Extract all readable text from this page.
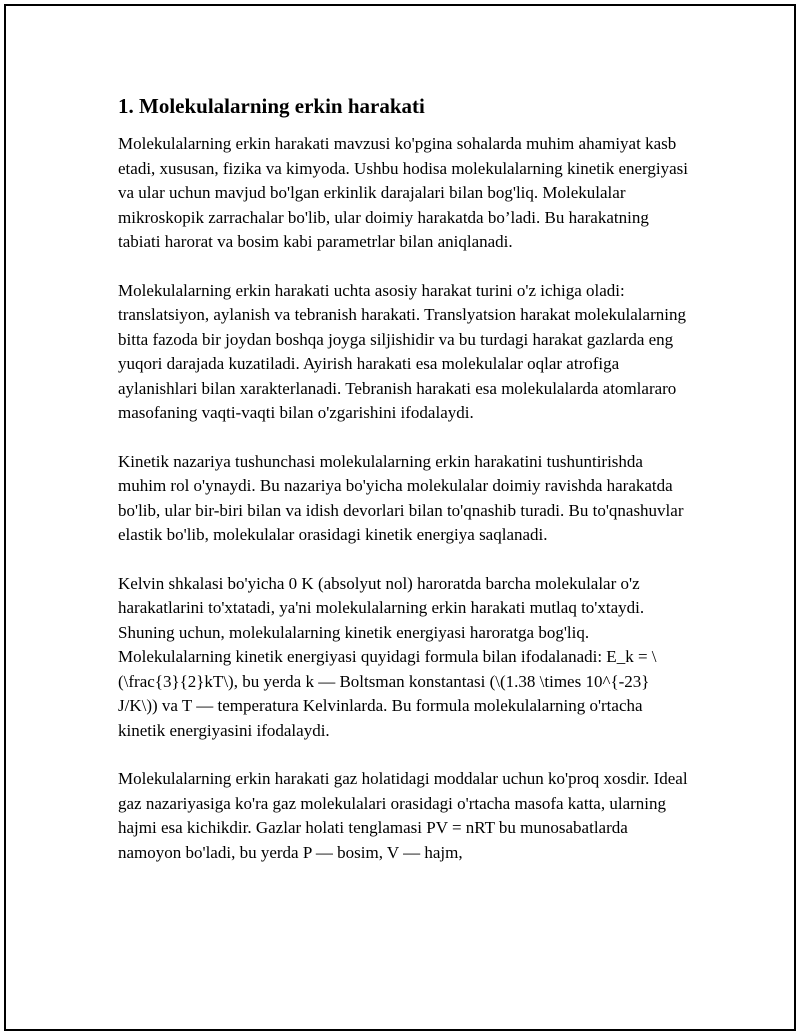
1. Molekulalarning erkin harakati

Molekulalarning erkin harakati mavzusi ko'pgina sohalarda muhim ahamiyat kasb etadi, xususan, fizika va kimyoda. Ushbu hodisa molekulalarning kinetik energiyasi va ular uchun mavjud bo'lgan erkinlik darajalari bilan bog'liq. Molekulalar mikroskopik zarrachalar bo'lib, ular doimiy harakatda bo’ladi. Bu harakatning tabiati harorat va bosim kabi parametrlar bilan aniqlanadi.

Molekulalarning erkin harakati uchta asosiy harakat turini o'z ichiga oladi: translatsiyon, aylanish va tebranish harakati. Translyatsion harakat molekulalarning bitta fazoda bir joydan boshqa joyga siljishidir va bu turdagi harakat gazlarda eng yuqori darajada kuzatiladi. Ayirish harakati esa molekulalar oqlar atrofiga aylanishlari bilan xarakterlanadi. Tebranish harakati esa molekulalarda atomlararo masofaning vaqti-vaqti bilan o'zgarishini ifodalaydi.

Kinetik nazariya tushunchasi molekulalarning erkin harakatini tushuntirishda muhim rol o'ynaydi. Bu nazariya bo'yicha molekulalar doimiy ravishda harakatda bo'lib, ular bir-biri bilan va idish devorlari bilan to'qnashib turadi. Bu to'qnashuvlar elastik bo'lib, molekulalar orasidagi kinetik energiya saqlanadi.

Kelvin shkalasi bo'yicha 0 K (absolyut nol) haroratda barcha molekulalar o'z harakatlarini to'xtatadi, ya'ni molekulalarning erkin harakati mutlaq to'xtaydi. Shuning uchun, molekulalarning kinetik energiyasi haroratga bog'liq. Molekulalarning kinetik energiyasi quyidagi formula bilan ifodalanadi: E_k = \(\frac{3}{2}kT\), bu yerda k — Boltsman konstantasi (\(1.38 \times 10^{-23} J/K\)) va T — temperatura Kelvinlarda. Bu formula molekulalarning o'rtacha kinetik energiyasini ifodalaydi.

Molekulalarning erkin harakati gaz holatidagi moddalar uchun ko'proq xosdir. Ideal gaz nazariyasiga ko'ra gaz molekulalari orasidagi o'rtacha masofa katta, ularning hajmi esa kichikdir. Gazlar holati tenglamasi PV = nRT bu munosabatlarda namoyon bo'ladi, bu yerda P — bosim, V — hajm,
